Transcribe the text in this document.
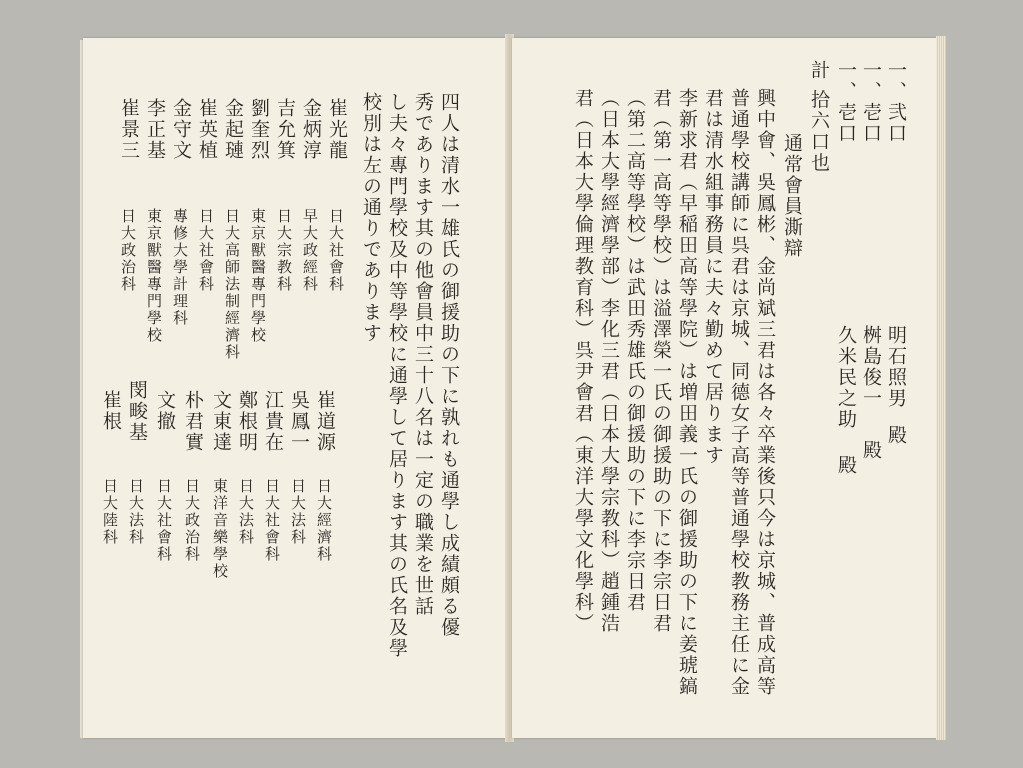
一、弐口
一、壱口
一、壱口
計 拾六口也
通常會員澌辯
興中會、吳鳳彬、金尚斌三君は各々卒業後只今は京城、普成高等
普通學校講師に呉君は京城、同德女子高等普通學校教務主任に金
君は清水組事務員に夫々勤めて居ります
李新求君（早稲田高等學院）は増田義一氏の御援助の下に姜琥鎬
君（第一高等學校）は溢澤榮一氏の御援助の下に李宗日君
（第二高等學校）は武田秀雄氏の御援助の下に李宗日君
（日本大學經濟學部）李化三君（日本大學宗教科）趙鍾浩
君（日本大學倫理教育科）呉尹會君（東洋大學文化學科）	明石照男
桝島俊一
久米民之助
殿
殿
殿
四人は清水一雄氏の御援助の下に孰れも通學し成績頗る優
秀であります其の他會員中三十八名は一定の職業を世話
し夫々專門學校及中等學校に通學して居ります其の氏名及學
校別は左の通りであります
崔光龍
日大社會科
金炳淳
早大政經科
吉允箕
日大宗教科
劉奎烈
東京獸醫專門學校
金起璉
日大高師法制經濟科
崔英植
日大社會科
金守文
專修大學計理科
李正基
東京獸醫專門學校
崔景三
日大政治科
崔道源
日大經濟科
吳鳳一
日大法科
江貴在
日大社會科
鄭根明
日大法科
文東達
東洋音樂學校
朴君實
日大政治科
文撤
日大社會科
閔畯基
日大法科
崔根
日大陸科
